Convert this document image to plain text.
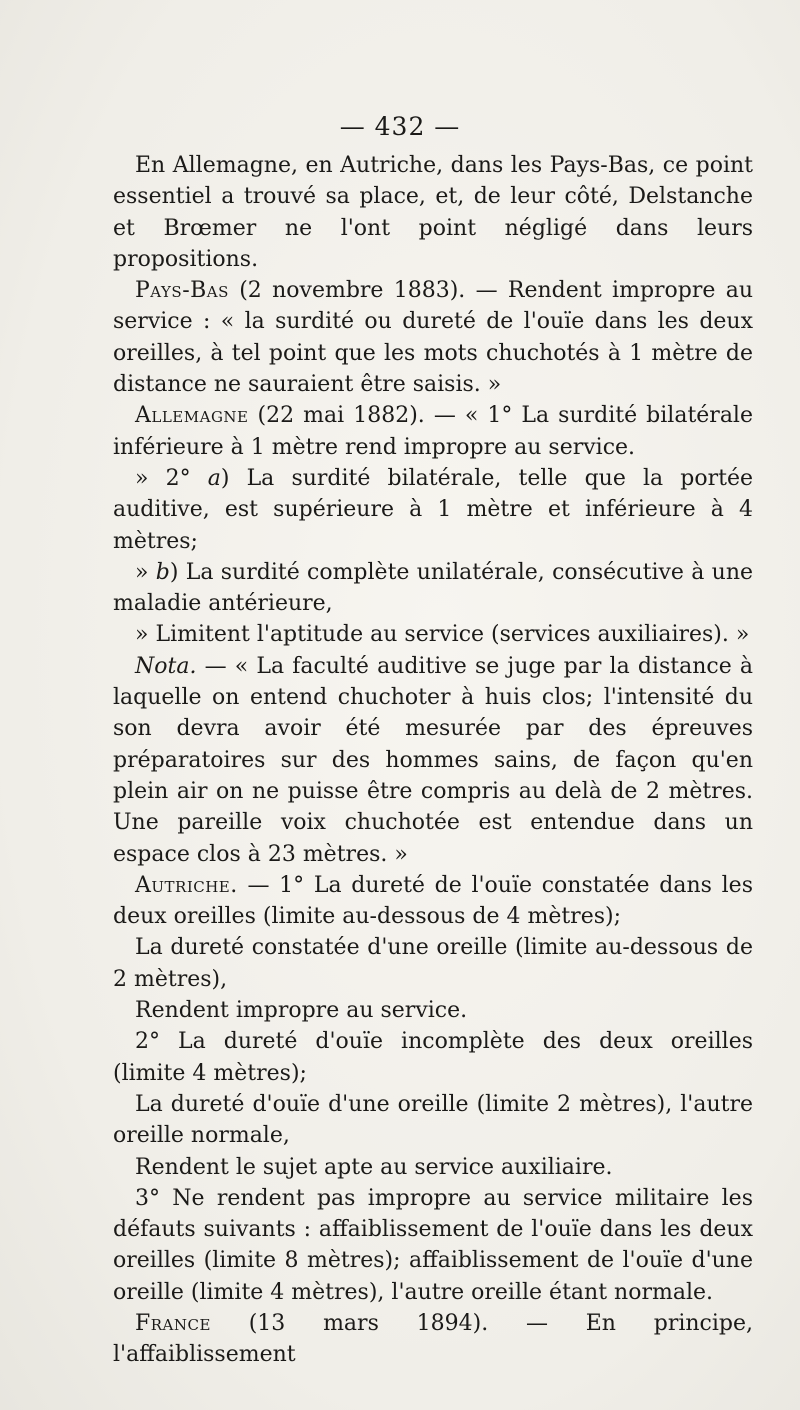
— 432 —

En Allemagne, en Autriche, dans les Pays-Bas, ce point essentiel a trouvé sa place, et, de leur côté, Delstanche et Brœmer ne l'ont point négligé dans leurs propositions.

Pays-Bas (2 novembre 1883). — Rendent impropre au service : « la surdité ou dureté de l'ouïe dans les deux oreilles, à tel point que les mots chuchotés à 1 mètre de distance ne sauraient être saisis. »

Allemagne (22 mai 1882). — « 1° La surdité bilatérale inférieure à 1 mètre rend impropre au service.

» 2° a) La surdité bilatérale, telle que la portée auditive, est supérieure à 1 mètre et inférieure à 4 mètres;

» b) La surdité complète unilatérale, consécutive à une maladie antérieure,

» Limitent l'aptitude au service (services auxiliaires). »

Nota. — « La faculté auditive se juge par la distance à laquelle on entend chuchoter à huis clos; l'intensité du son devra avoir été mesurée par des épreuves préparatoires sur des hommes sains, de façon qu'en plein air on ne puisse être compris au delà de 2 mètres. Une pareille voix chuchotée est entendue dans un espace clos à 23 mètres. »

Autriche. — 1° La dureté de l'ouïe constatée dans les deux oreilles (limite au-dessous de 4 mètres);

La dureté constatée d'une oreille (limite au-dessous de 2 mètres),

Rendent impropre au service.

2° La dureté d'ouïe incomplète des deux oreilles (limite 4 mètres);

La dureté d'ouïe d'une oreille (limite 2 mètres), l'autre oreille normale,

Rendent le sujet apte au service auxiliaire.

3° Ne rendent pas impropre au service militaire les défauts suivants : affaiblissement de l'ouïe dans les deux oreilles (limite 8 mètres); affaiblissement de l'ouïe d'une oreille (limite 4 mètres), l'autre oreille étant normale.

France (13 mars 1894). — En principe, l'affaiblissement
